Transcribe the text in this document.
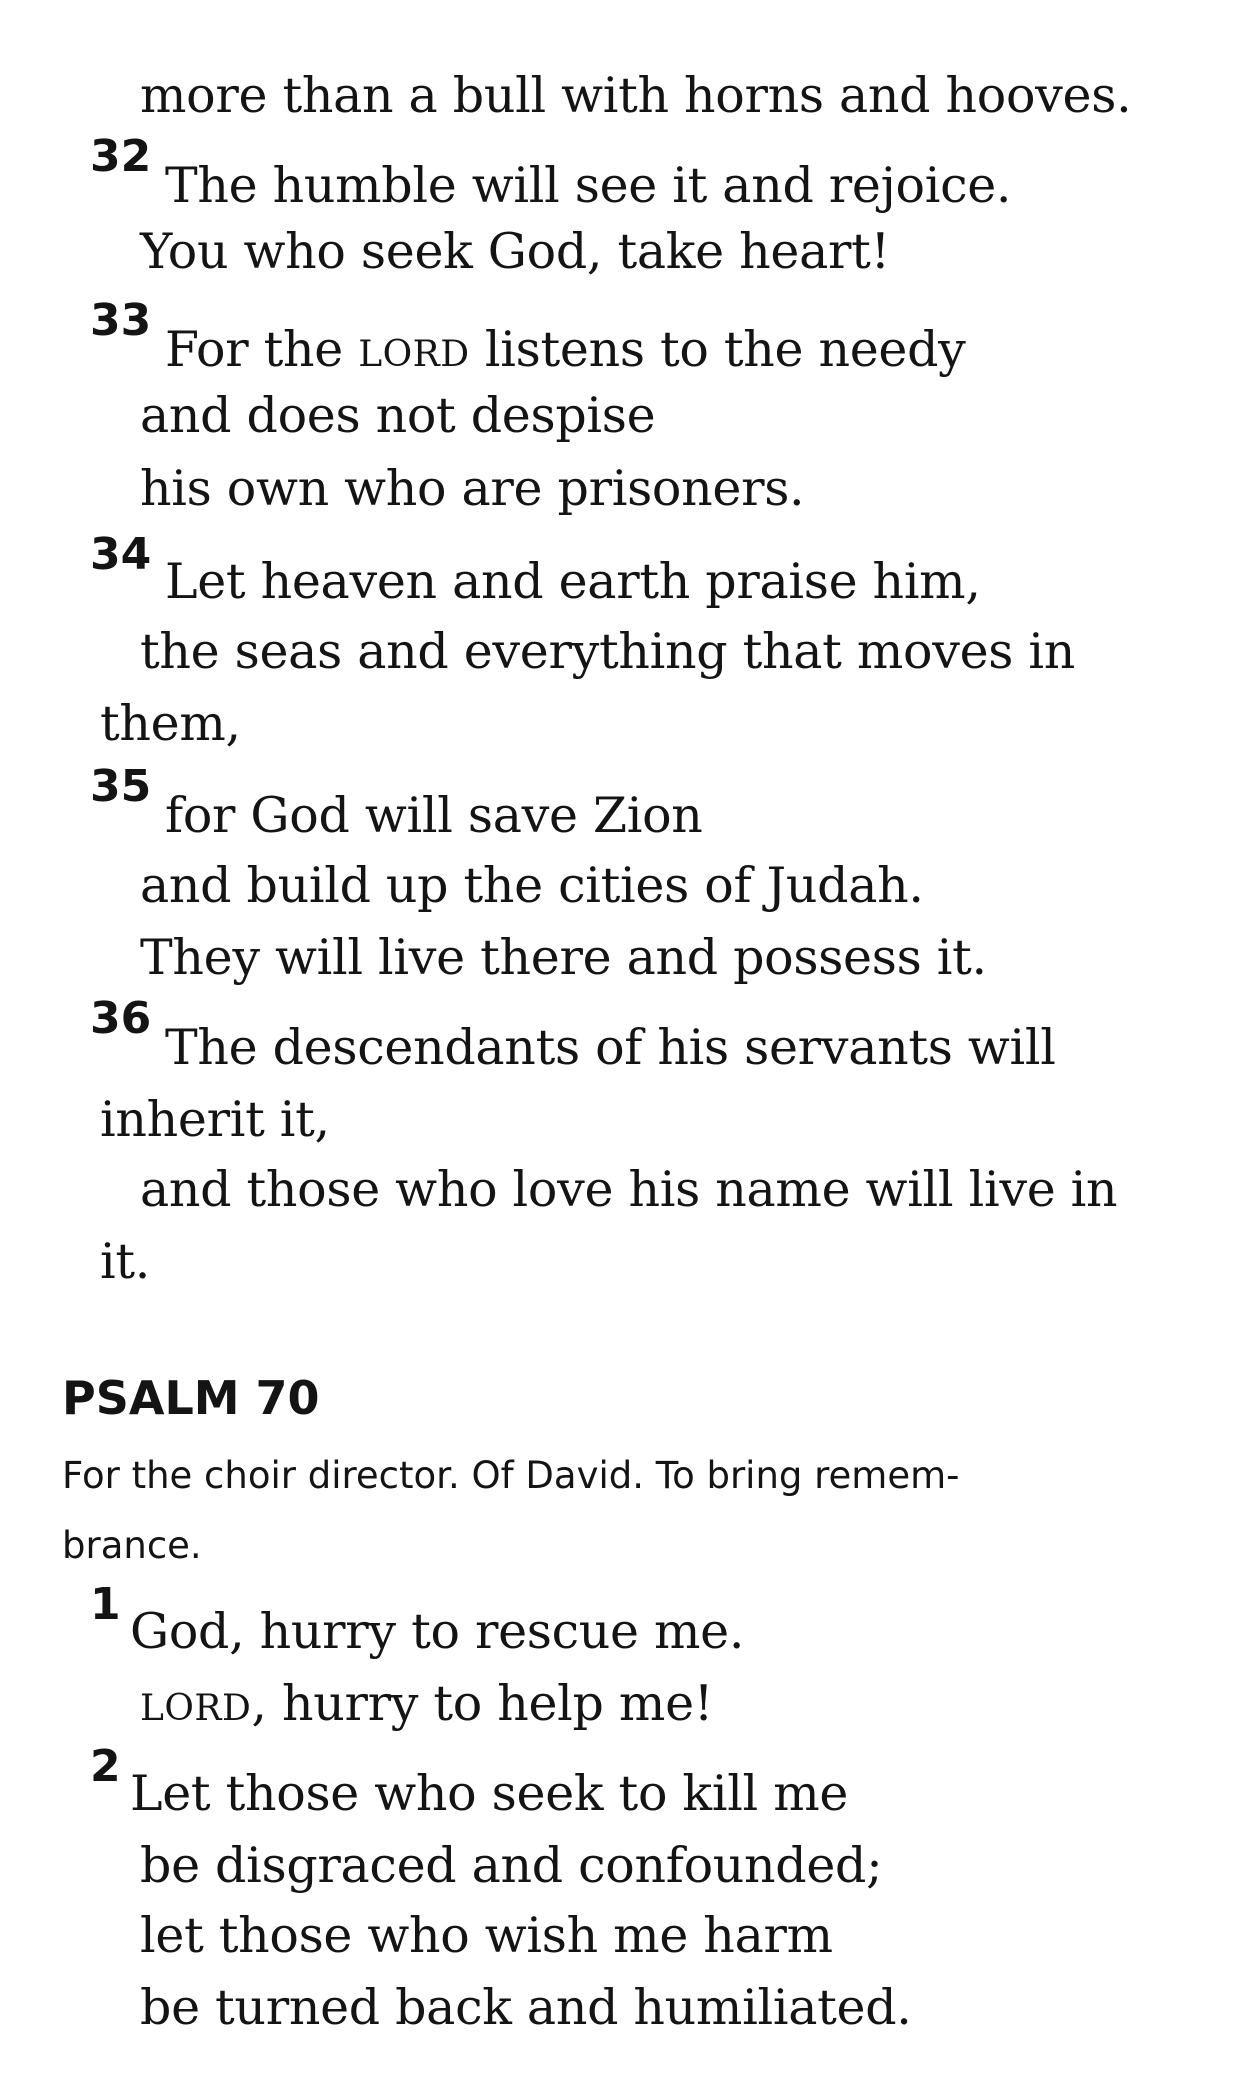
more than a bull with horns and hooves.
32
The humble will see it and rejoice.
You who seek God, take heart!
33
For the LORD listens to the needy
and does not despise
his own who are prisoners.
34 Let heaven and earth praise him,
the seas and everything that moves in
them,
35
for God will save Zion
and build up the cities of Judah.
They will live there and possess it.
36
The descendants of his servants will
inherit it,
and those who love his name will live in
it.
PSALM 70
For the choir director. Of David. To bring remem-
brance.
1 God, hurry to rescue me.
LORD, hurry to help me!
2 Let those who seek to kill me
be disgraced and confounded;
let those who wish me harm
be turned back and humiliated.
